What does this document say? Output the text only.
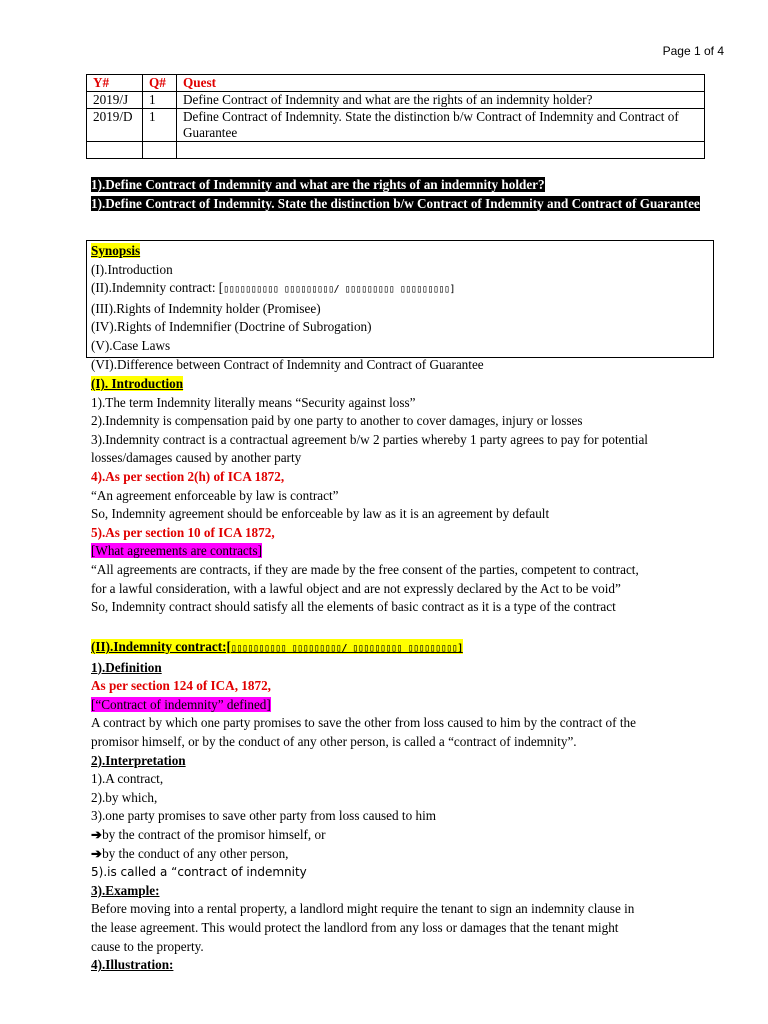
Page 1 of 4
Y#	Q#	Quest
2019/J	1	Define Contract of Indemnity and what are the rights of an indemnity holder?
2019/D	1	Define Contract of Indemnity. State the distinction b/w Contract of Indemnity and Contract of Guarantee

1).Define Contract of Indemnity and what are the rights of an indemnity holder?
1).Define Contract of Indemnity. State the distinction b/w Contract of Indemnity and Contract of Guarantee
Synopsis
(I).Introduction
(II).Indemnity contract: [▯▯▯▯▯▯▯▯▯▯ ▯▯▯▯▯▯▯▯▯/ ▯▯▯▯▯▯▯▯▯ ▯▯▯▯▯▯▯▯▯]
(III).Rights of Indemnity holder (Promisee)
(IV).Rights of Indemnifier (Doctrine of Subrogation)
(V).Case Laws
(VI).Difference between Contract of Indemnity and Contract of Guarantee

(I). Introduction

1).The term Indemnity literally means “Security against loss”

2).Indemnity is compensation paid by one party to another to cover damages, injury or losses

3).Indemnity contract is a contractual agreement b/w 2 parties whereby 1 party agrees to pay for potential losses/damages caused by another party

4).As per section 2(h) of ICA 1872,

“An agreement enforceable by law is contract”

So, Indemnity agreement should be enforceable by law as it is an agreement by default

5).As per section 10 of ICA 1872,

[What agreements are contracts]

“All agreements are contracts, if they are made by the free consent of the parties, competent to contract,

for a lawful consideration, with a lawful object and are not expressly declared by the Act to be void”

So, Indemnity contract should satisfy all the elements of basic contract as it is a type of the contract

(II).Indemnity contract:[▯▯▯▯▯▯▯▯▯▯ ▯▯▯▯▯▯▯▯▯/ ▯▯▯▯▯▯▯▯▯ ▯▯▯▯▯▯▯▯▯]

1).Definition

As per section 124 of ICA, 1872,

[“Contract of indemnity” defined]

A contract by which one party promises to save the other from loss caused to him by the contract of the

promisor himself, or by the conduct of any other person, is called a “contract of indemnity”.

2).Interpretation

1).A contract,

2).by which,

3).one party promises to save other party from loss caused to him

➔by the contract of the promisor himself, or

➔by the conduct of any other person,

5).is called a “contract of indemnity

3).Example:

Before moving into a rental property, a landlord might require the tenant to sign an indemnity clause in

the lease agreement. This would protect the landlord from any loss or damages that the tenant might

cause to the property.

4).Illustration:
